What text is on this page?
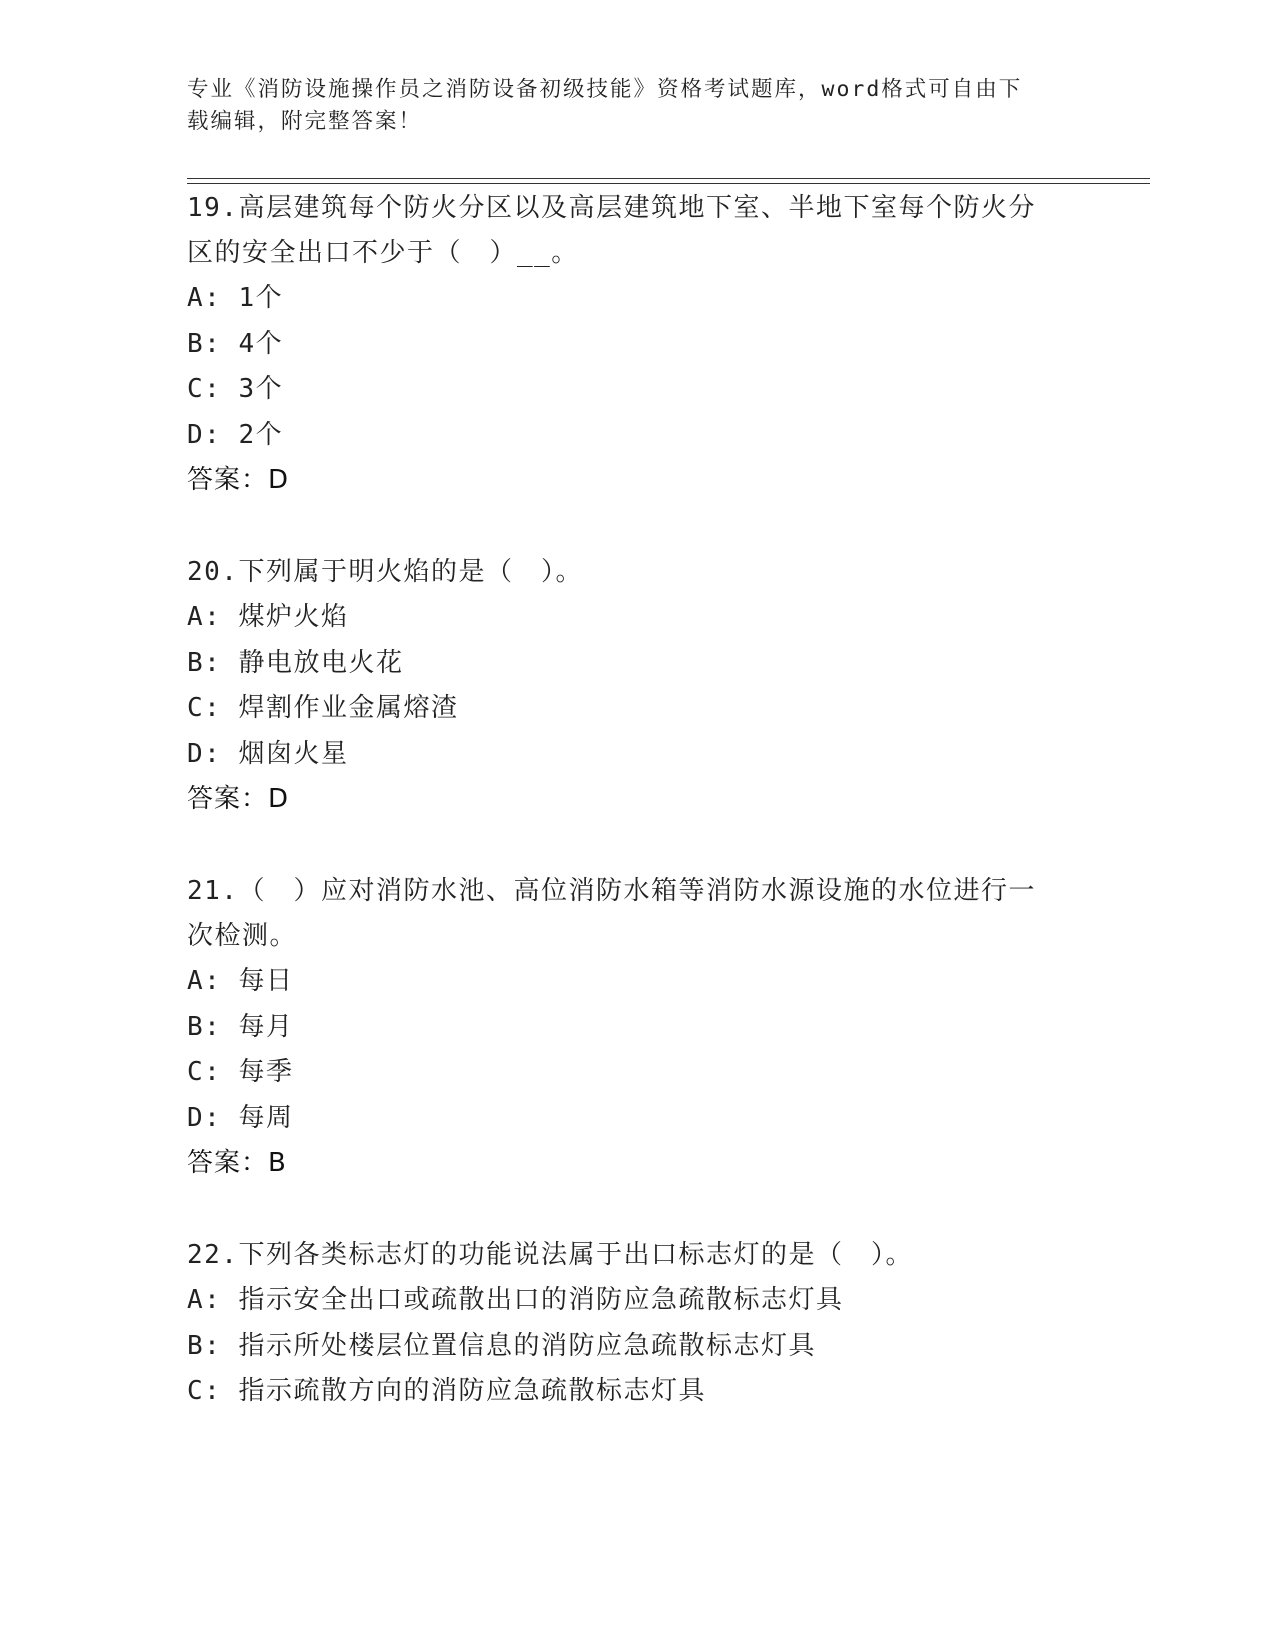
专业《消防设施操作员之消防设备初级技能》资格考试题库，word格式可自由下
载编辑，附完整答案！
19.高层建筑每个防火分区以及高层建筑地下室、半地下室每个防火分
区的安全出口不少于（　）__。
A: 1个
B: 4个
C: 3个
D: 2个
答案：D
20.下列属于明火焰的是（　）。
A: 煤炉火焰
B: 静电放电火花
C: 焊割作业金属熔渣
D: 烟囱火星
答案：D
21.（　）应对消防水池、高位消防水箱等消防水源设施的水位进行一
次检测。
A: 每日
B: 每月
C: 每季
D: 每周
答案：B
22.下列各类标志灯的功能说法属于出口标志灯的是（　）。
A: 指示安全出口或疏散出口的消防应急疏散标志灯具
B: 指示所处楼层位置信息的消防应急疏散标志灯具
C: 指示疏散方向的消防应急疏散标志灯具
